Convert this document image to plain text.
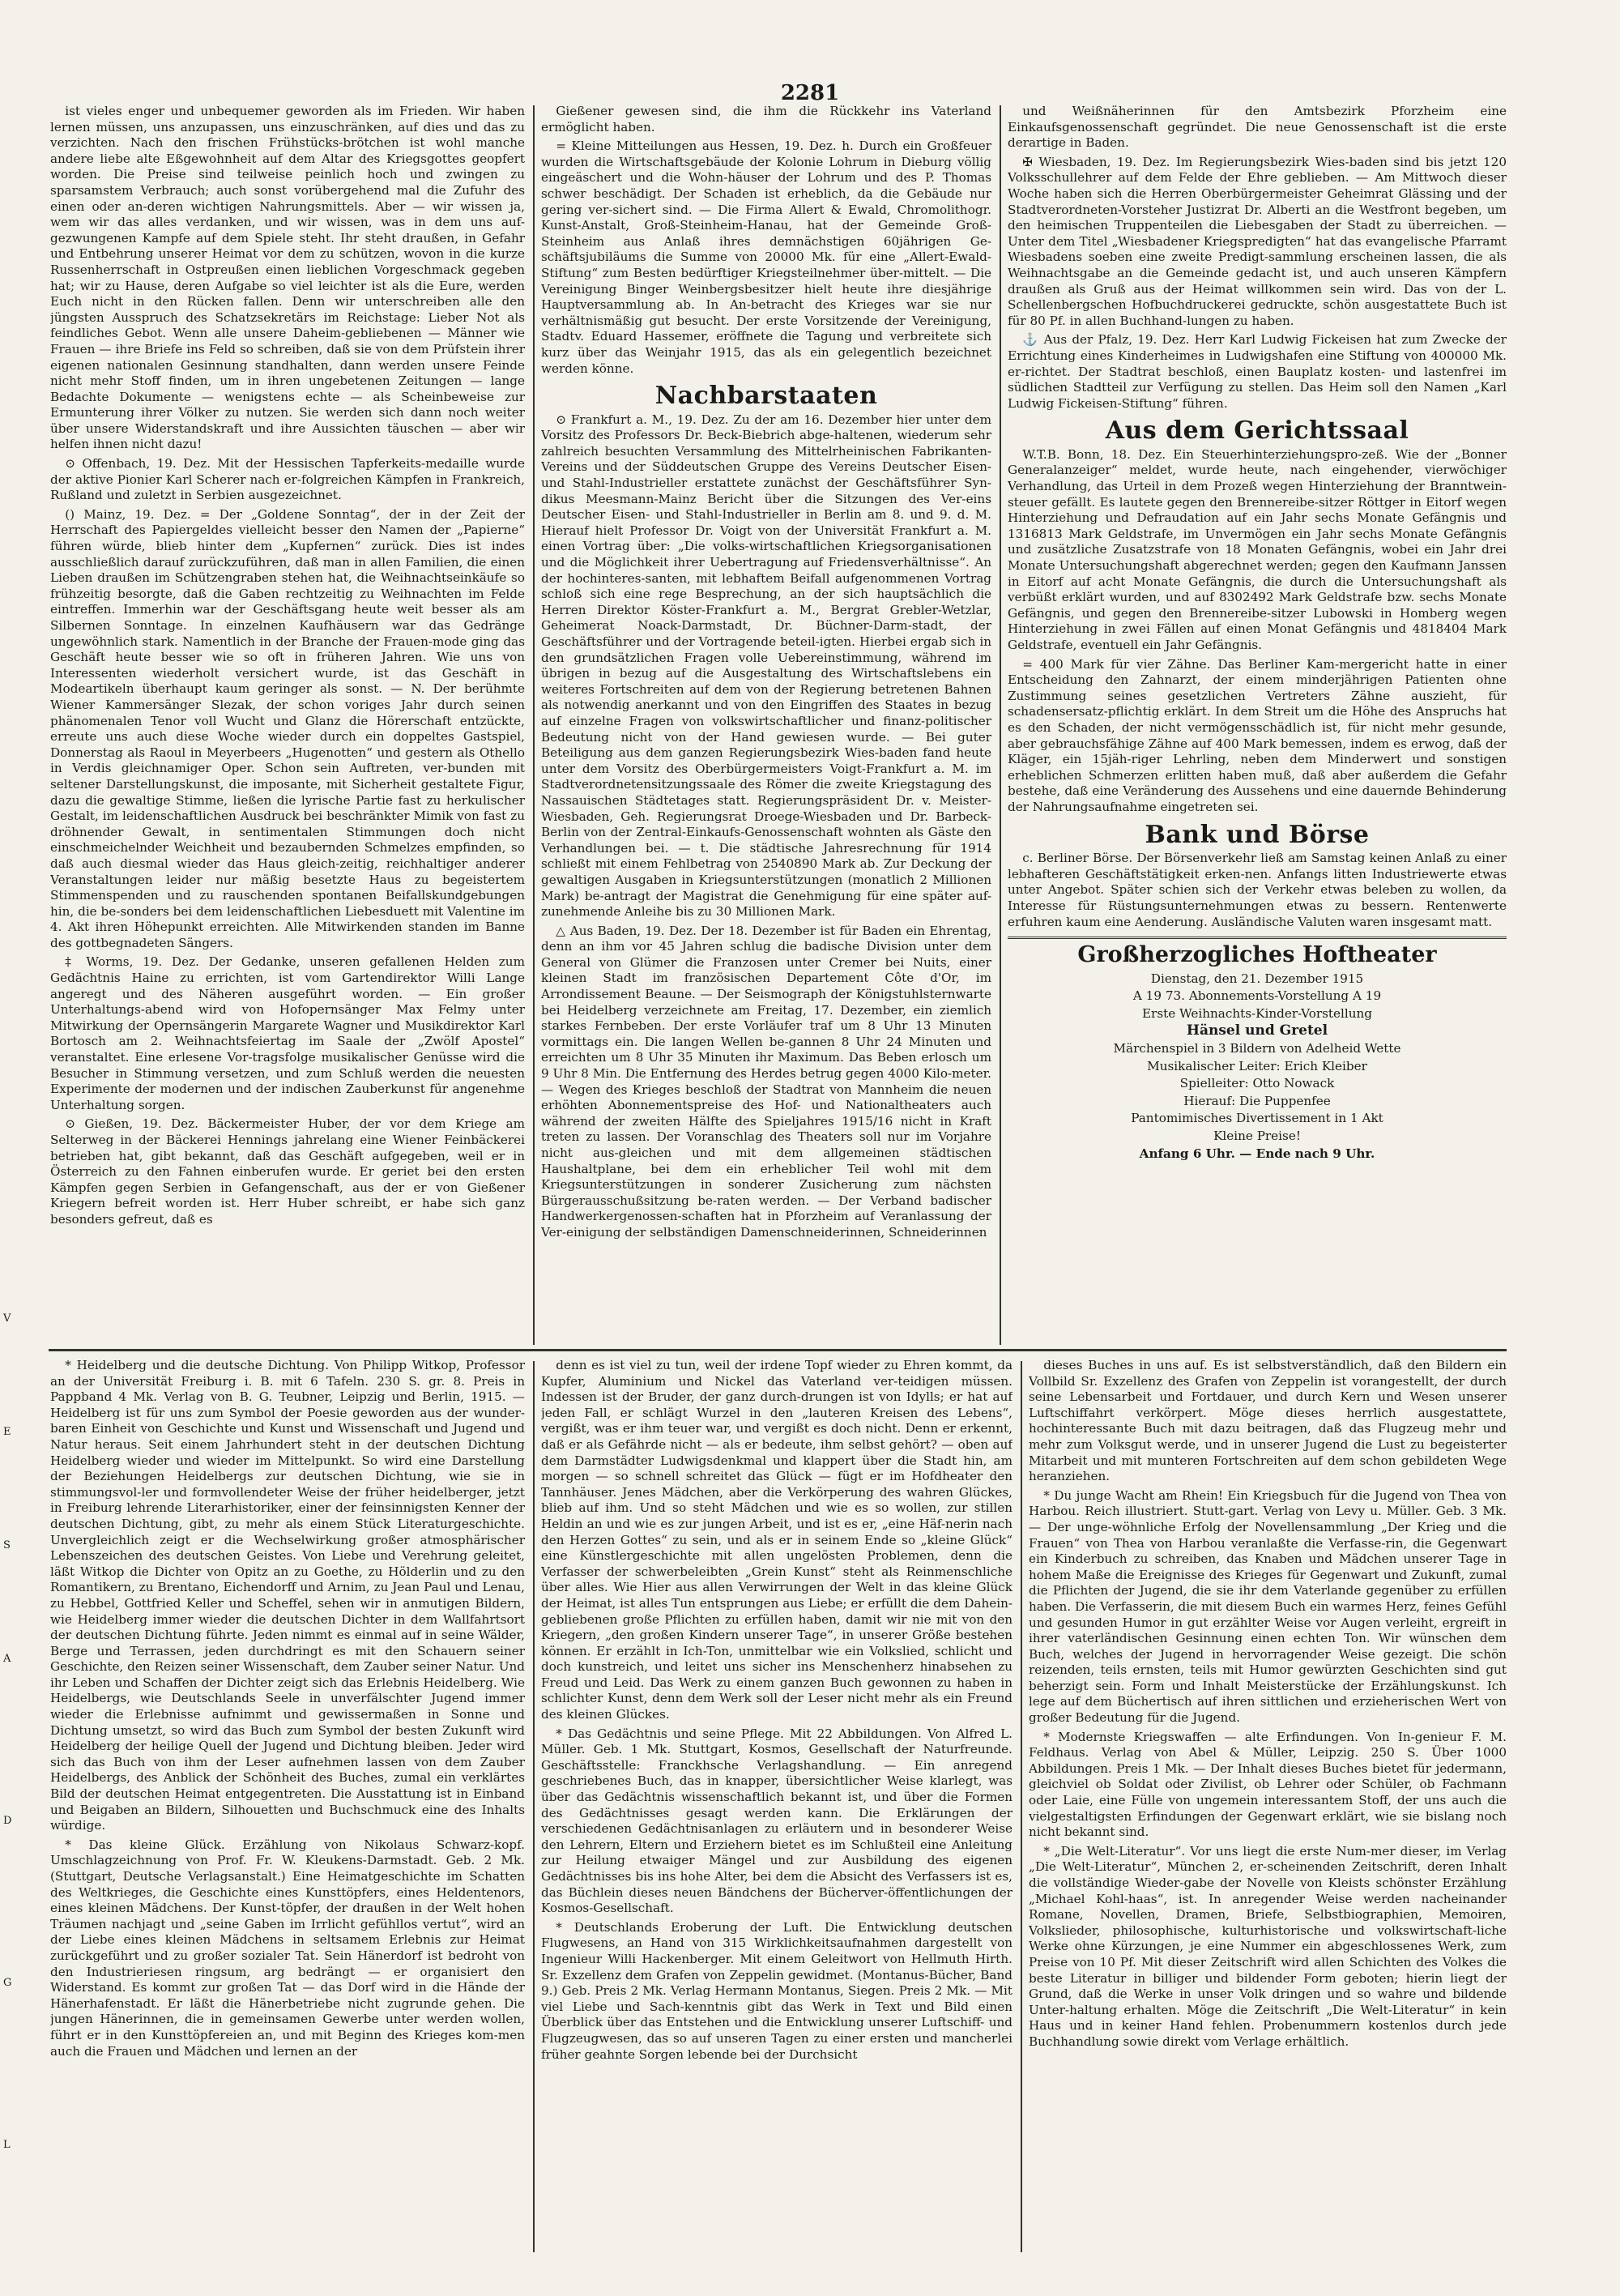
2281
V
E
S
A
D
G
L

ist vieles enger und unbequemer geworden als im Frieden. Wir haben lernen müssen, uns anzupassen, uns einzuschränken, auf dies und das zu verzichten. Nach den frischen Frühstücks-brötchen ist wohl manche andere liebe alte Eßgewohnheit auf dem Altar des Kriegsgottes geopfert worden. Die Preise sind teilweise peinlich hoch und zwingen zu sparsamstem Verbrauch; auch sonst vorübergehend mal die Zufuhr des einen oder an-deren wichtigen Nahrungsmittels. Aber — wir wissen ja, wem wir das alles verdanken, und wir wissen, was in dem uns auf-gezwungenen Kampfe auf dem Spiele steht. Ihr steht draußen, in Gefahr und Entbehrung unserer Heimat vor dem zu schützen, wovon in die kurze Russenherrschaft in Ostpreußen einen lieblichen Vorgeschmack gegeben hat; wir zu Hause, deren Aufgabe so viel leichter ist als die Eure, werden Euch nicht in den Rücken fallen. Denn wir unterschreiben alle den jüngsten Ausspruch des Schatzsekretärs im Reichstage: Lieber Not als feindliches Gebot. Wenn alle unsere Daheim-gebliebenen — Männer wie Frauen — ihre Briefe ins Feld so schreiben, daß sie von dem Prüfstein ihrer eigenen nationalen Gesinnung standhalten, dann werden unsere Feinde nicht mehr Stoff finden, um in ihren ungebetenen Zeitungen — lange Bedachte Dokumente — wenigstens echte — als Scheinbeweise zur Ermunterung ihrer Völker zu nutzen. Sie werden sich dann noch weiter über unsere Widerstandskraft und ihre Aussichten täuschen — aber wir helfen ihnen nicht dazu!

⊙ Offenbach, 19. Dez. Mit der Hessischen Tapferkeits-medaille wurde der aktive Pionier Karl Scherer nach er-folgreichen Kämpfen in Frankreich, Rußland und zuletzt in Serbien ausgezeichnet.

() Mainz, 19. Dez. = Der „Goldene Sonntag“, der in der Zeit der Herrschaft des Papiergeldes vielleicht besser den Namen der „Papierne“ führen würde, blieb hinter dem „Kupfernen“ zurück. Dies ist indes ausschließlich darauf zurückzuführen, daß man in allen Familien, die einen Lieben draußen im Schützengraben stehen hat, die Weihnachtseinkäufe so frühzeitig besorgte, daß die Gaben rechtzeitig zu Weihnachten im Felde eintreffen. Immerhin war der Geschäftsgang heute weit besser als am Silbernen Sonntage. In einzelnen Kaufhäusern war das Gedränge ungewöhnlich stark. Namentlich in der Branche der Frauen-mode ging das Geschäft heute besser wie so oft in früheren Jahren. Wie uns von Interessenten wiederholt versichert wurde, ist das Geschäft in Modeartikeln überhaupt kaum geringer als sonst. — N. Der berühmte Wiener Kammersänger Slezak, der schon voriges Jahr durch seinen phänomenalen Tenor voll Wucht und Glanz die Hörerschaft entzückte, erreute uns auch diese Woche wieder durch ein doppeltes Gastspiel, Donnerstag als Raoul in Meyerbeers „Hugenotten“ und gestern als Othello in Verdis gleichnamiger Oper. Schon sein Auftreten, ver-bunden mit seltener Darstellungskunst, die imposante, mit Sicherheit gestaltete Figur, dazu die gewaltige Stimme, ließen die lyrische Partie fast zu herkulischer Gestalt, im leidenschaftlichen Ausdruck bei beschränkter Mimik von fast zu dröhnender Gewalt, in sentimentalen Stimmungen doch nicht einschmeichelnder Weichheit und bezaubernden Schmelzes empfinden, so daß auch diesmal wieder das Haus gleich-zeitig, reichhaltiger anderer Veranstaltungen leider nur mäßig besetzte Haus zu begeistertem Stimmenspenden und zu rauschenden spontanen Beifallskundgebungen hin, die be-sonders bei dem leidenschaftlichen Liebesduett mit Valentine im 4. Akt ihren Höhepunkt erreichten. Alle Mitwirkenden standen im Banne des gottbegnadeten Sängers.

‡ Worms, 19. Dez. Der Gedanke, unseren gefallenen Helden zum Gedächtnis Haine zu errichten, ist vom Gartendirektor Willi Lange angeregt und des Näheren ausgeführt worden. — Ein großer Unterhaltungs-abend wird von Hofopernsänger Max Felmy unter Mitwirkung der Opernsängerin Margarete Wagner und Musikdirektor Karl Bortosch am 2. Weihnachtsfeiertag im Saale der „Zwölf Apostel“ veranstaltet. Eine erlesene Vor-tragsfolge musikalischer Genüsse wird die Besucher in Stimmung versetzen, und zum Schluß werden die neuesten Experimente der modernen und der indischen Zauberkunst für angenehme Unterhaltung sorgen.

⊙ Gießen, 19. Dez. Bäckermeister Huber, der vor dem Kriege am Selterweg in der Bäckerei Hennings jahrelang eine Wiener Feinbäckerei betrieben hat, gibt bekannt, daß das Geschäft aufgegeben, weil er in Österreich zu den Fahnen einberufen wurde. Er geriet bei den ersten Kämpfen gegen Serbien in Gefangenschaft, aus der er von Gießener Kriegern befreit worden ist. Herr Huber schreibt, er habe sich ganz besonders gefreut, daß es

Gießener gewesen sind, die ihm die Rückkehr ins Vaterland ermöglicht haben.

= Kleine Mitteilungen aus Hessen, 19. Dez. h. Durch ein Großfeuer wurden die Wirtschaftsgebäude der Kolonie Lohrum in Dieburg völlig eingeäschert und die Wohn-häuser der Lohrum und des P. Thomas schwer beschädigt. Der Schaden ist erheblich, da die Gebäude nur gering ver-sichert sind. — Die Firma Allert & Ewald, Chromolithogr. Kunst-Anstalt, Groß-Steinheim-Hanau, hat der Gemeinde Groß-Steinheim aus Anlaß ihres demnächstigen 60jährigen Ge-schäftsjubiläums die Summe von 20000 Mk. für eine „Allert-Ewald-Stiftung“ zum Besten bedürftiger Kriegsteilnehmer über-mittelt. — Die Vereinigung Binger Weinbergsbesitzer hielt heute ihre diesjährige Hauptversammlung ab. In An-betracht des Krieges war sie nur verhältnismäßig gut besucht. Der erste Vorsitzende der Vereinigung, Stadtv. Eduard Hassemer, eröffnete die Tagung und verbreitete sich kurz über das Weinjahr 1915, das als ein gelegentlich bezeichnet werden könne.

Nachbarstaaten

⊙ Frankfurt a. M., 19. Dez. Zu der am 16. Dezember hier unter dem Vorsitz des Professors Dr. Beck-Biebrich abge-haltenen, wiederum sehr zahlreich besuchten Versammlung des Mittelrheinischen Fabrikanten-Vereins und der Süddeutschen Gruppe des Vereins Deutscher Eisen- und Stahl-Industrieller erstattete zunächst der Geschäftsführer Syn-dikus Meesmann-Mainz Bericht über die Sitzungen des Ver-eins Deutscher Eisen- und Stahl-Industrieller in Berlin am 8. und 9. d. M. Hierauf hielt Professor Dr. Voigt von der Universität Frankfurt a. M. einen Vortrag über: „Die volks-wirtschaftlichen Kriegsorganisationen und die Möglichkeit ihrer Uebertragung auf Friedensverhältnisse“. An der hochinteres-santen, mit lebhaftem Beifall aufgenommenen Vortrag schloß sich eine rege Besprechung, an der sich hauptsächlich die Herren Direktor Köster-Frankfurt a. M., Bergrat Grebler-Wetzlar, Geheimerat Noack-Darmstadt, Dr. Büchner-Darm-stadt, der Geschäftsführer und der Vortragende beteil-igten. Hierbei ergab sich in den grundsätzlichen Fragen volle Uebereinstimmung, während im übrigen in bezug auf die Ausgestaltung des Wirtschaftslebens ein weiteres Fortschreiten auf dem von der Regierung betretenen Bahnen als notwendig anerkannt und von den Eingriffen des Staates in bezug auf einzelne Fragen von volkswirtschaftlicher und finanz-politischer Bedeutung nicht von der Hand gewiesen wurde. — Bei guter Beteiligung aus dem ganzen Regierungsbezirk Wies-baden fand heute unter dem Vorsitz des Oberbürgermeisters Voigt-Frankfurt a. M. im Stadtverordnetensitzungssaale des Römer die zweite Kriegstagung des Nassauischen Städtetages statt. Regierungspräsident Dr. v. Meister-Wiesbaden, Geh. Regierungsrat Droege-Wiesbaden und Dr. Barbeck-Berlin von der Zentral-Einkaufs-Genossenschaft wohnten als Gäste den Verhandlungen bei. — t. Die städtische Jahresrechnung für 1914 schließt mit einem Fehlbetrag von 2540890 Mark ab. Zur Deckung der gewaltigen Ausgaben in Kriegsunterstützungen (monatlich 2 Millionen Mark) be-antragt der Magistrat die Genehmigung für eine später auf-zunehmende Anleihe bis zu 30 Millionen Mark.

△ Aus Baden, 19. Dez. Der 18. Dezember ist für Baden ein Ehrentag, denn an ihm vor 45 Jahren schlug die badische Division unter dem General von Glümer die Franzosen unter Cremer bei Nuits, einer kleinen Stadt im französischen Departement Côte d'Or, im Arrondissement Beaune. — Der Seismograph der Königstuhlsternwarte bei Heidelberg verzeichnete am Freitag, 17. Dezember, ein ziemlich starkes Fernbeben. Der erste Vorläufer traf um 8 Uhr 13 Minuten vormittags ein. Die langen Wellen be-gannen 8 Uhr 24 Minuten und erreichten um 8 Uhr 35 Minuten ihr Maximum. Das Beben erlosch um 9 Uhr 8 Min. Die Entfernung des Herdes betrug gegen 4000 Kilo-meter. — Wegen des Krieges beschloß der Stadtrat von Mannheim die neuen erhöhten Abonnementspreise des Hof- und Nationaltheaters auch während der zweiten Hälfte des Spieljahres 1915/16 nicht in Kraft treten zu lassen. Der Voranschlag des Theaters soll nur im Vorjahre nicht aus-gleichen und mit dem allgemeinen städtischen Haushaltplane, bei dem ein erheblicher Teil wohl mit dem Kriegsunterstützungen in sonderer Zusicherung zum nächsten Bürgerausschußsitzung be-raten werden. — Der Verband badischer Handwerkergenossen-schaften hat in Pforzheim auf Veranlassung der Ver-einigung der selbständigen Damenschneiderinnen, Schneiderinnen

und Weißnäherinnen für den Amtsbezirk Pforzheim eine Einkaufsgenossenschaft gegründet. Die neue Genossenschaft ist die erste derartige in Baden.

✠ Wiesbaden, 19. Dez. Im Regierungsbezirk Wies-baden sind bis jetzt 120 Volksschullehrer auf dem Felde der Ehre geblieben. — Am Mittwoch dieser Woche haben sich die Herren Oberbürgermeister Geheimrat Glässing und der Stadtverordneten-Vorsteher Justizrat Dr. Alberti an die Westfront begeben, um den heimischen Truppenteilen die Liebesgaben der Stadt zu überreichen. — Unter dem Titel „Wiesbadener Kriegspredigten“ hat das evangelische Pfarramt Wiesbadens soeben eine zweite Predigt-sammlung erscheinen lassen, die als Weihnachtsgabe an die Gemeinde gedacht ist, und auch unseren Kämpfern draußen als Gruß aus der Heimat willkommen sein wird. Das von der L. Schellenbergschen Hofbuchdruckerei gedruckte, schön ausgestattete Buch ist für 80 Pf. in allen Buchhand-lungen zu haben.

⚓ Aus der Pfalz, 19. Dez. Herr Karl Ludwig Fickeisen hat zum Zwecke der Errichtung eines Kinderheimes in Ludwigshafen eine Stiftung von 400000 Mk. er-richtet. Der Stadtrat beschloß, einen Bauplatz kosten- und lastenfrei im südlichen Stadtteil zur Verfügung zu stellen. Das Heim soll den Namen „Karl Ludwig Fickeisen-Stiftung“ führen.

Aus dem Gerichtssaal

W.T.B. Bonn, 18. Dez. Ein Steuerhinterziehungspro-zeß. Wie der „Bonner Generalanzeiger“ meldet, wurde heute, nach eingehender, vierwöchiger Verhandlung, das Urteil in dem Prozeß wegen Hinterziehung der Branntwein-steuer gefällt. Es lautete gegen den Brennereibe-sitzer Röttger in Eitorf wegen Hinterziehung und Defraudation auf ein Jahr sechs Monate Gefängnis und 1316813 Mark Geldstrafe, im Unvermögen ein Jahr sechs Monate Gefängnis und zusätzliche Zusatzstrafe von 18 Monaten Gefängnis, wobei ein Jahr drei Monate Untersuchungshaft abgerechnet werden; gegen den Kaufmann Janssen in Eitorf auf acht Monate Gefängnis, die durch die Untersuchungshaft als verbüßt erklärt wurden, und auf 8302492 Mark Geldstrafe bzw. sechs Monate Gefängnis, und gegen den Brennereibe-sitzer Lubowski in Homberg wegen Hinterziehung in zwei Fällen auf einen Monat Gefängnis und 4818404 Mark Geldstrafe, eventuell ein Jahr Gefängnis.

= 400 Mark für vier Zähne. Das Berliner Kam-mergericht hatte in einer Entscheidung den Zahnarzt, der einem minderjährigen Patienten ohne Zustimmung seines gesetzlichen Vertreters Zähne auszieht, für schadensersatz-pflichtig erklärt. In dem Streit um die Höhe des Anspruchs hat es den Schaden, der nicht vermögensschädlich ist, für nicht mehr gesunde, aber gebrauchsfähige Zähne auf 400 Mark bemessen, indem es erwog, daß der Kläger, ein 15jäh-riger Lehrling, neben dem Minderwert und sonstigen erheblichen Schmerzen erlitten haben muß, daß aber außerdem die Gefahr bestehe, daß eine Veränderung des Aussehens und eine dauernde Behinderung der Nahrungsaufnahme eingetreten sei.

Bank und Börse

c. Berliner Börse. Der Börsenverkehr ließ am Samstag keinen Anlaß zu einer lebhafteren Geschäftstätigkeit erken-nen. Anfangs litten Industriewerte etwas unter Angebot. Später schien sich der Verkehr etwas beleben zu wollen, da Interesse für Rüstungsunternehmungen etwas zu bessern. Rentenwerte erfuhren kaum eine Aenderung. Ausländische Valuten waren insgesamt matt.

Großherzogliches Hoftheater

Dienstag, den 21. Dezember 1915

A 19 73. Abonnements-Vorstellung A 19

Erste Weihnachts-Kinder-Vorstellung

Hänsel und Gretel

Märchenspiel in 3 Bildern von Adelheid Wette

Musikalischer Leiter: Erich Kleiber

Spielleiter: Otto Nowack

Hierauf: Die Puppenfee

Pantomimisches Divertissement in 1 Akt

Kleine Preise!

Anfang 6 Uhr. — Ende nach 9 Uhr.

* Heidelberg und die deutsche Dichtung. Von Philipp Witkop, Professor an der Universität Freiburg i. B. mit 6 Tafeln. 230 S. gr. 8. Preis in Pappband 4 Mk. Verlag von B. G. Teubner, Leipzig und Berlin, 1915. — Heidelberg ist für uns zum Symbol der Poesie geworden aus der wunder-baren Einheit von Geschichte und Kunst und Wissenschaft und Jugend und Natur heraus. Seit einem Jahrhundert steht in der deutschen Dichtung Heidelberg wieder und wieder im Mittelpunkt. So wird eine Darstellung der Beziehungen Heidelbergs zur deutschen Dichtung, wie sie in stimmungsvol-ler und formvollendeter Weise der früher heidelberger, jetzt in Freiburg lehrende Literarhistoriker, einer der feinsinnigsten Kenner der deutschen Dichtung, gibt, zu mehr als einem Stück Literaturgeschichte. Unvergleichlich zeigt er die Wechselwirkung großer atmosphärischer Lebenszeichen des deutschen Geistes. Von Liebe und Verehrung geleitet, läßt Witkop die Dichter von Opitz an zu Goethe, zu Hölderlin und zu den Romantikern, zu Brentano, Eichendorff und Arnim, zu Jean Paul und Lenau, zu Hebbel, Gottfried Keller und Scheffel, sehen wir in anmutigen Bildern, wie Heidelberg immer wieder die deutschen Dichter in dem Wallfahrtsort der deutschen Dichtung führte. Jeden nimmt es einmal auf in seine Wälder, Berge und Terrassen, jeden durchdringt es mit den Schauern seiner Geschichte, den Reizen seiner Wissenschaft, dem Zauber seiner Natur. Und ihr Leben und Schaffen der Dichter zeigt sich das Erlebnis Heidelberg. Wie Heidelbergs, wie Deutschlands Seele in unverfälschter Jugend immer wieder die Erlebnisse aufnimmt und gewissermaßen in Sonne und Dichtung umsetzt, so wird das Buch zum Symbol der besten Zukunft wird Heidelberg der heilige Quell der Jugend und Dichtung bleiben. Jeder wird sich das Buch von ihm der Leser aufnehmen lassen von dem Zauber Heidelbergs, des Anblick der Schönheit des Buches, zumal ein verklärtes Bild der deutschen Heimat entgegentreten. Die Ausstattung ist in Einband und Beigaben an Bildern, Silhouetten und Buchschmuck eine des Inhalts würdige.

* Das kleine Glück. Erzählung von Nikolaus Schwarz-kopf. Umschlagzeichnung von Prof. Fr. W. Kleukens-Darmstadt. Geb. 2 Mk. (Stuttgart, Deutsche Verlagsanstalt.) Eine Heimatgeschichte im Schatten des Weltkrieges, die Geschichte eines Kunsttöpfers, eines Heldentenors, eines kleinen Mädchens. Der Kunst-töpfer, der draußen in der Welt hohen Träumen nachjagt und „seine Gaben im Irrlicht gefühllos vertut“, wird an der Liebe eines kleinen Mädchens in seltsamem Erlebnis zur Heimat zurückgeführt und zu großer sozialer Tat. Sein Hänerdorf ist bedroht von den Industrieriesen ringsum, arg bedrängt — er organisiert den Widerstand. Es kommt zur großen Tat — das Dorf wird in die Hände der Hänerhafenstadt. Er läßt die Hänerbetriebe nicht zugrunde gehen. Die jungen Hänerinnen, die in gemeinsamen Gewerbe unter werden wollen, führt er in den Kunsttöpfereien an, und mit Beginn des Krieges kom-men auch die Frauen und Mädchen und lernen an der

denn es ist viel zu tun, weil der irdene Topf wieder zu Ehren kommt, da Kupfer, Aluminium und Nickel das Vaterland ver-teidigen müssen. Indessen ist der Bruder, der ganz durch-drungen ist von Idylls; er hat auf jeden Fall, er schlägt Wurzel in den „lauteren Kreisen des Lebens“, vergißt, was er ihm teuer war, und vergißt es doch nicht. Denn er erkennt, daß er als Gefährde nicht — als er bedeute, ihm selbst gehört? — oben auf dem Darmstädter Ludwigsdenkmal und klappert über die Stadt hin, am morgen — so schnell schreitet das Glück — fügt er im Hofdheater den Tannhäuser. Jenes Mädchen, aber die Verkörperung des wahren Glückes, blieb auf ihm. Und so steht Mädchen und wie es so wollen, zur stillen Heldin an und wie es zur jungen Arbeit, und ist es er, „eine Häf-nerin nach den Herzen Gottes“ zu sein, und als er in seinem Ende so „kleine Glück“ eine Künstlergeschichte mit allen ungelösten Problemen, denn die Verfasser der schwerbeleibten „Grein Kunst“ steht als Reinmenschliche über alles. Wie Hier aus allen Verwirrungen der Welt in das kleine Glück der Heimat, ist alles Tun entsprungen aus Liebe; er erfüllt die dem Dahein-gebliebenen große Pflichten zu erfüllen haben, damit wir nie mit von den Kriegern, „den großen Kindern unserer Tage“, in unserer Größe bestehen können. Er erzählt in Ich-Ton, unmittelbar wie ein Volkslied, schlicht und doch kunstreich, und leitet uns sicher ins Menschenherz hinabsehen zu Freud und Leid. Das Werk zu einem ganzen Buch gewonnen zu haben in schlichter Kunst, denn dem Werk soll der Leser nicht mehr als ein Freund des kleinen Glückes.

* Das Gedächtnis und seine Pflege. Mit 22 Abbildungen. Von Alfred L. Müller. Geb. 1 Mk. Stuttgart, Kosmos, Gesellschaft der Naturfreunde. Geschäftsstelle: Franckhsche Verlagshandlung. — Ein anregend geschriebenes Buch, das in knapper, übersichtlicher Weise klarlegt, was über das Gedächtnis wissenschaftlich bekannt ist, und über die Formen des Gedächtnisses gesagt werden kann. Die Erklärungen der verschiedenen Gedächtnisanlagen zu erläutern und in besonderer Weise den Lehrern, Eltern und Erziehern bietet es im Schlußteil eine Anleitung zur Heilung etwaiger Mängel und zur Ausbildung des eigenen Gedächtnisses bis ins hohe Alter, bei dem die Absicht des Verfassers ist es, das Büchlein dieses neuen Bändchens der Bücherver-öffentlichungen der Kosmos-Gesellschaft.

* Deutschlands Eroberung der Luft. Die Entwicklung deutschen Flugwesens, an Hand von 315 Wirklichkeitsaufnahmen dargestellt von Ingenieur Willi Hackenberger. Mit einem Geleitwort von Hellmuth Hirth. Sr. Exzellenz dem Grafen von Zeppelin gewidmet. (Montanus-Bücher, Band 9.) Geb. Preis 2 Mk. Verlag Hermann Montanus, Siegen. Preis 2 Mk. — Mit viel Liebe und Sach-kenntnis gibt das Werk in Text und Bild einen Überblick über das Entstehen und die Entwicklung unserer Luftschiff- und Flugzeugwesen, das so auf unseren Tagen zu einer ersten und mancherlei früher geahnte Sorgen lebende bei der Durchsicht

dieses Buches in uns auf. Es ist selbstverständlich, daß den Bildern ein Vollbild Sr. Exzellenz des Grafen von Zeppelin ist vorangestellt, der durch seine Lebensarbeit und Fortdauer, und durch Kern und Wesen unserer Luftschiffahrt verkörpert. Möge dieses herrlich ausgestattete, hochinteressante Buch mit dazu beitragen, daß das Flugzeug mehr und mehr zum Volksgut werde, und in unserer Jugend die Lust zu begeisterter Mitarbeit und mit munteren Fortschreiten auf dem schon gebildeten Wege heranziehen.

* Du junge Wacht am Rhein! Ein Kriegsbuch für die Jugend von Thea von Harbou. Reich illustriert. Stutt-gart. Verlag von Levy u. Müller. Geb. 3 Mk. — Der unge-wöhnliche Erfolg der Novellensammlung „Der Krieg und die Frauen“ von Thea von Harbou veranlaßte die Verfasse-rin, die Gegenwart ein Kinderbuch zu schreiben, das Knaben und Mädchen unserer Tage in hohem Maße die Ereignisse des Krieges für Gegenwart und Zukunft, zumal die Pflichten der Jugend, die sie ihr dem Vaterlande gegenüber zu erfüllen haben. Die Verfasserin, die mit diesem Buch ein warmes Herz, feines Gefühl und gesunden Humor in gut erzählter Weise vor Augen verleiht, ergreift in ihrer vaterländischen Gesinnung einen echten Ton. Wir wünschen dem Buch, welches der Jugend in hervorragender Weise gezeigt. Die schön reizenden, teils ernsten, teils mit Humor gewürzten Geschichten sind gut beherzigt sein. Form und Inhalt Meisterstücke der Erzählungskunst. Ich lege auf dem Büchertisch auf ihren sittlichen und erzieherischen Wert von großer Bedeutung für die Jugend.

* Modernste Kriegswaffen — alte Erfindungen. Von In-genieur F. M. Feldhaus. Verlag von Abel & Müller, Leipzig. 250 S. Über 1000 Abbildungen. Preis 1 Mk. — Der Inhalt dieses Buches bietet für jedermann, gleichviel ob Soldat oder Zivilist, ob Lehrer oder Schüler, ob Fachmann oder Laie, eine Fülle von ungemein interessantem Stoff, der uns auch die vielgestaltigsten Erfindungen der Gegenwart erklärt, wie sie bislang noch nicht bekannt sind.

* „Die Welt-Literatur“. Vor uns liegt die erste Num-mer dieser, im Verlag „Die Welt-Literatur“, München 2, er-scheinenden Zeitschrift, deren Inhalt die vollständige Wieder-gabe der Novelle von Kleists schönster Erzählung „Michael Kohl-haas“, ist. In anregender Weise werden nacheinander Romane, Novellen, Dramen, Briefe, Selbstbiographien, Memoiren, Volkslieder, philosophische, kulturhistorische und volkswirtschaft-liche Werke ohne Kürzungen, je eine Nummer ein abgeschlossenes Werk, zum Preise von 10 Pf. Mit dieser Zeitschrift wird allen Schichten des Volkes die beste Literatur in billiger und bildender Form geboten; hierin liegt der Grund, daß die Werke in unser Volk dringen und so wahre und bildende Unter-haltung erhalten. Möge die Zeitschrift „Die Welt-Literatur“ in kein Haus und in keiner Hand fehlen. Probenummern kostenlos durch jede Buchhandlung sowie direkt vom Verlage erhältlich.
